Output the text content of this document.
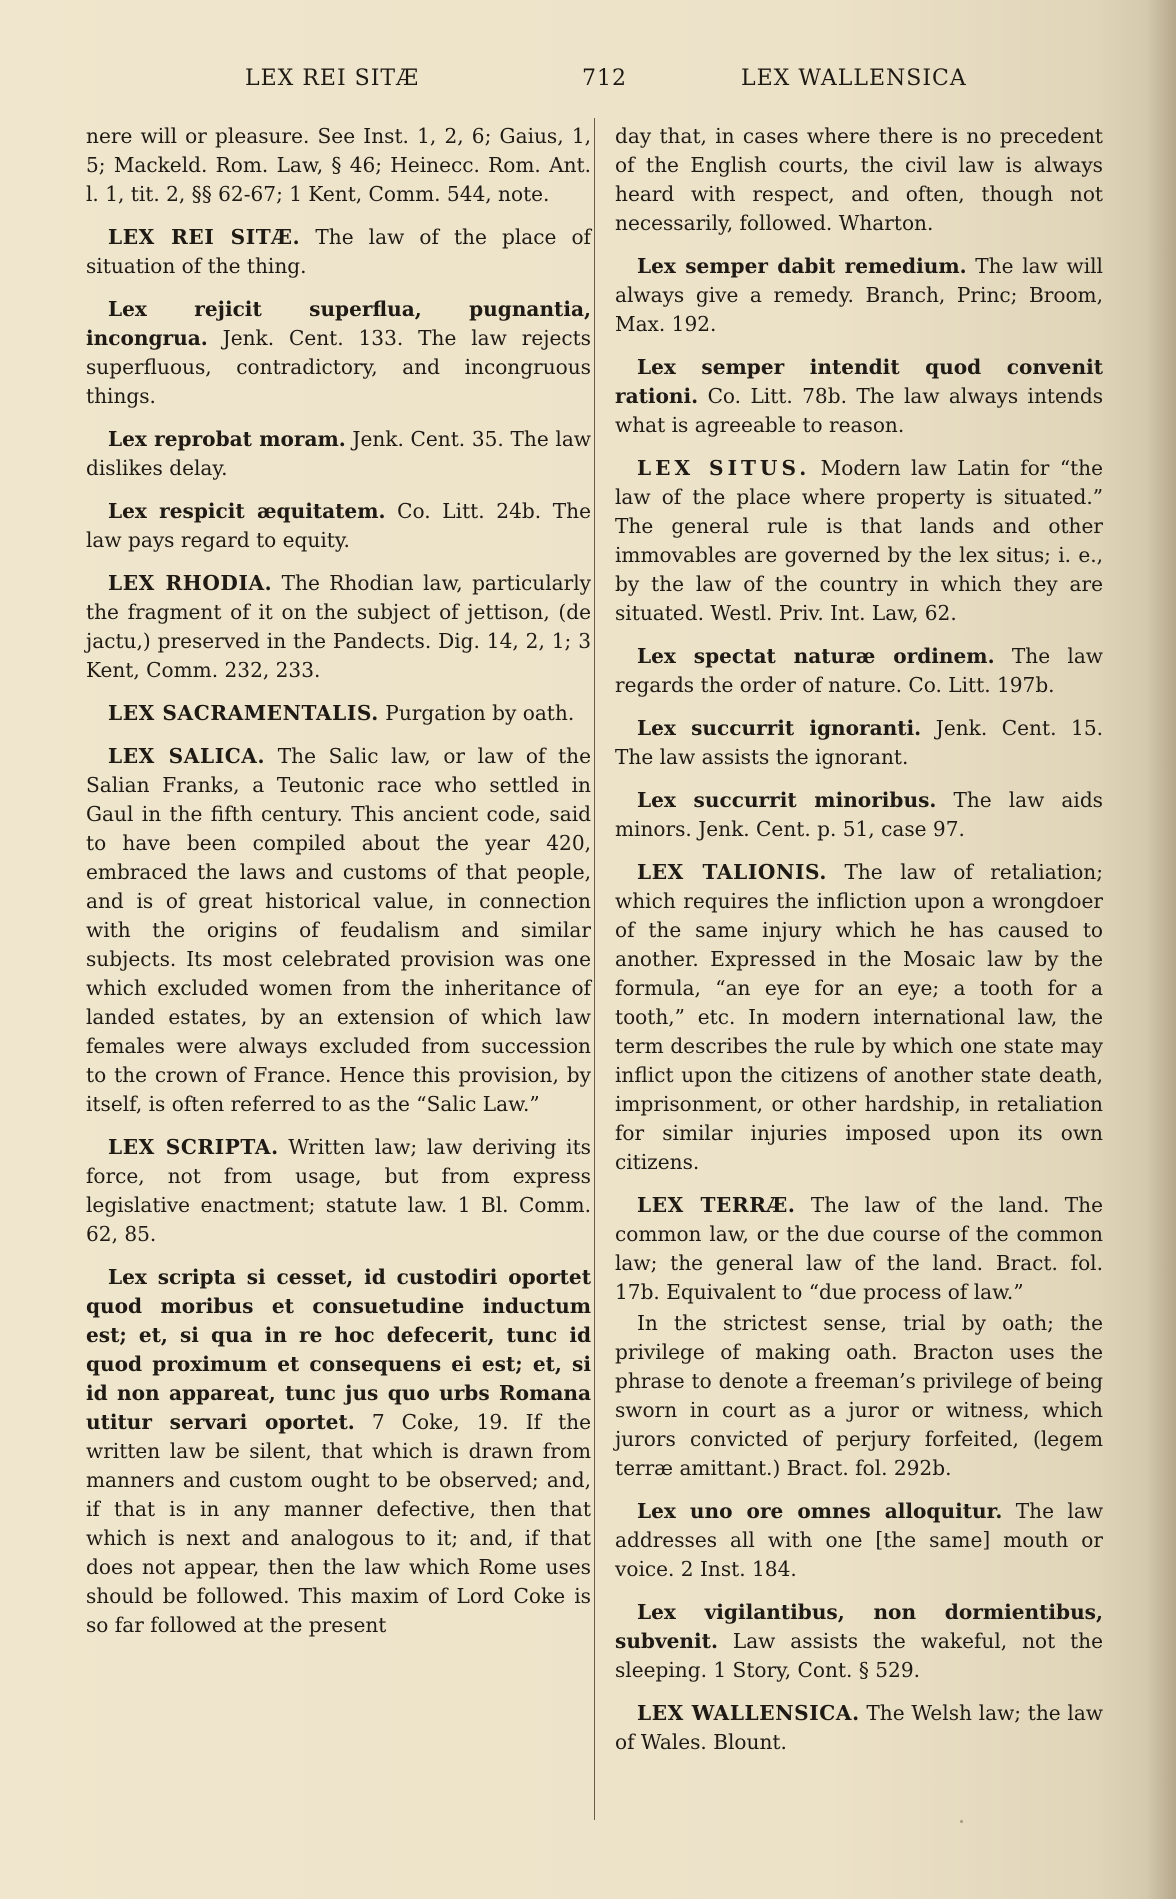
LEX REI SITÆ	712	LEX WALLENSICA

nere will or pleasure. See Inst. 1, 2, 6; Gaius, 1, 5; Mackeld. Rom. Law, § 46; Heinecc. Rom. Ant. l. 1, tit. 2, §§ 62-67; 1 Kent, Comm. 544, note.

LEX REI SITÆ. The law of the place of situation of the thing.

Lex rejicit superflua, pugnantia, incongrua. Jenk. Cent. 133. The law rejects superfluous, contradictory, and incongruous things.

Lex reprobat moram. Jenk. Cent. 35. The law dislikes delay.

Lex respicit æquitatem. Co. Litt. 24b. The law pays regard to equity.

LEX RHODIA. The Rhodian law, particularly the fragment of it on the subject of jettison, (de jactu,) preserved in the Pandects. Dig. 14, 2, 1; 3 Kent, Comm. 232, 233.

LEX SACRAMENTALIS. Purgation by oath.

LEX SALICA. The Salic law, or law of the Salian Franks, a Teutonic race who settled in Gaul in the fifth century. This ancient code, said to have been compiled about the year 420, embraced the laws and customs of that people, and is of great historical value, in connection with the origins of feudalism and similar subjects. Its most celebrated provision was one which excluded women from the inheritance of landed estates, by an extension of which law females were always excluded from succession to the crown of France. Hence this provision, by itself, is often referred to as the “Salic Law.”

LEX SCRIPTA. Written law; law deriving its force, not from usage, but from express legislative enactment; statute law. 1 Bl. Comm. 62, 85.

Lex scripta si cesset, id custodiri oportet quod moribus et consuetudine inductum est; et, si qua in re hoc defecerit, tunc id quod proximum et consequens ei est; et, si id non appareat, tunc jus quo urbs Romana utitur servari oportet. 7 Coke, 19. If the written law be silent, that which is drawn from manners and custom ought to be observed; and, if that is in any manner defective, then that which is next and analogous to it; and, if that does not appear, then the law which Rome uses should be followed. This maxim of Lord Coke is so far followed at the present

day that, in cases where there is no precedent of the English courts, the civil law is always heard with respect, and often, though not necessarily, followed. Wharton.

Lex semper dabit remedium. The law will always give a remedy. Branch, Princ; Broom, Max. 192.

Lex semper intendit quod convenit rationi. Co. Litt. 78b. The law always intends what is agreeable to reason.

LEX SITUS. Modern law Latin for “the law of the place where property is situated.” The general rule is that lands and other immovables are governed by the lex situs; i. e., by the law of the country in which they are situated. Westl. Priv. Int. Law, 62.

Lex spectat naturæ ordinem. The law regards the order of nature. Co. Litt. 197b.

Lex succurrit ignoranti. Jenk. Cent. 15. The law assists the ignorant.

Lex succurrit minoribus. The law aids minors. Jenk. Cent. p. 51, case 97.

LEX TALIONIS. The law of retaliation; which requires the infliction upon a wrongdoer of the same injury which he has caused to another. Expressed in the Mosaic law by the formula, “an eye for an eye; a tooth for a tooth,” etc. In modern international law, the term describes the rule by which one state may inflict upon the citizens of another state death, imprisonment, or other hardship, in retaliation for similar injuries imposed upon its own citizens.

LEX TERRÆ. The law of the land. The common law, or the due course of the common law; the general law of the land. Bract. fol. 17b. Equivalent to “due process of law.”

In the strictest sense, trial by oath; the privilege of making oath. Bracton uses the phrase to denote a freeman’s privilege of being sworn in court as a juror or witness, which jurors convicted of perjury forfeited, (legem terræ amittant.) Bract. fol. 292b.

Lex uno ore omnes alloquitur. The law addresses all with one [the same] mouth or voice. 2 Inst. 184.

Lex vigilantibus, non dormientibus, subvenit. Law assists the wakeful, not the sleeping. 1 Story, Cont. § 529.

LEX WALLENSICA. The Welsh law; the law of Wales. Blount.
